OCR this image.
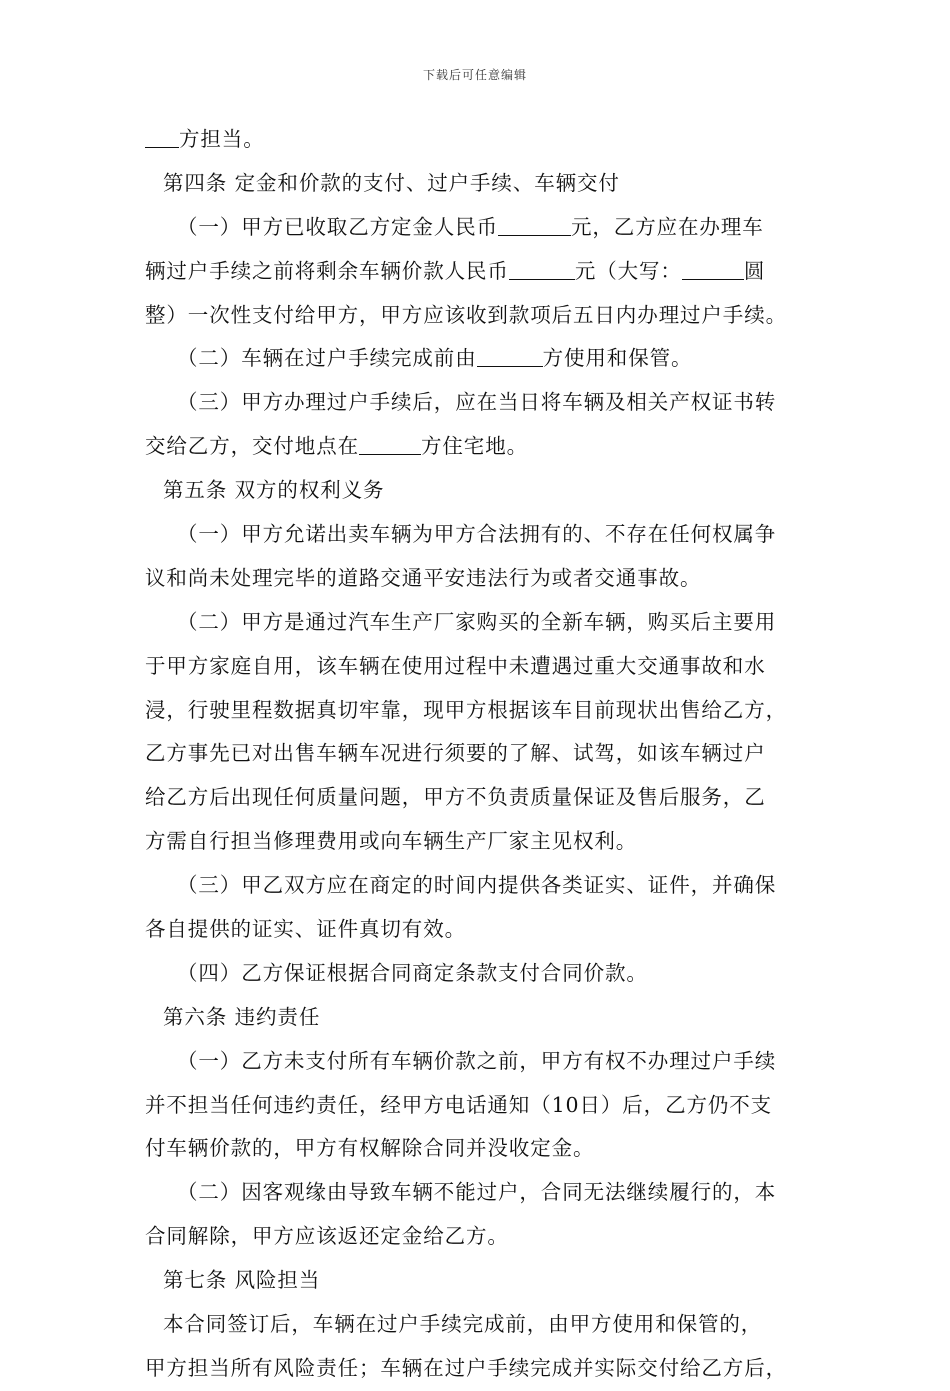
下载后可任意编辑
方担当。
第四条 定金和价款的支付、过户手续、车辆交付
（一）甲方已收取乙方定金人民币	元，乙方应在办理车
辆过户手续之前将剩余车辆价款人民币	元（大写：	圆
整）一次性支付给甲方，甲方应该收到款项后五日内办理过户手续。
（二）车辆在过户手续完成前由	方使用和保管。
（三）甲方办理过户手续后，应在当日将车辆及相关产权证书转
交给乙方，交付地点在	方住宅地。
第五条 双方的权利义务
（一）甲方允诺出卖车辆为甲方合法拥有的、不存在任何权属争
议和尚未处理完毕的道路交通平安违法行为或者交通事故。
（二）甲方是通过汽车生产厂家购买的全新车辆，购买后主要用
于甲方家庭自用，该车辆在使用过程中未遭遇过重大交通事故和水
浸，行驶里程数据真切牢靠，现甲方根据该车目前现状出售给乙方，
乙方事先已对出售车辆车况进行须要的了解、试驾，如该车辆过户
给乙方后出现任何质量问题，甲方不负责质量保证及售后服务，乙
方需自行担当修理费用或向车辆生产厂家主见权利。
（三）甲乙双方应在商定的时间内提供各类证实、证件，并确保
各自提供的证实、证件真切有效。
（四）乙方保证根据合同商定条款支付合同价款。
第六条 违约责任
（一）乙方未支付所有车辆价款之前，甲方有权不办理过户手续
并不担当任何违约责任，经甲方电话通知（10日）后，乙方仍不支
付车辆价款的，甲方有权解除合同并没收定金。
（二）因客观缘由导致车辆不能过户，合同无法继续履行的，本
合同解除，甲方应该返还定金给乙方。
第七条 风险担当
本合同签订后，车辆在过户手续完成前，由甲方使用和保管的，
甲方担当所有风险责任；车辆在过户手续完成并实际交付给乙方后，
